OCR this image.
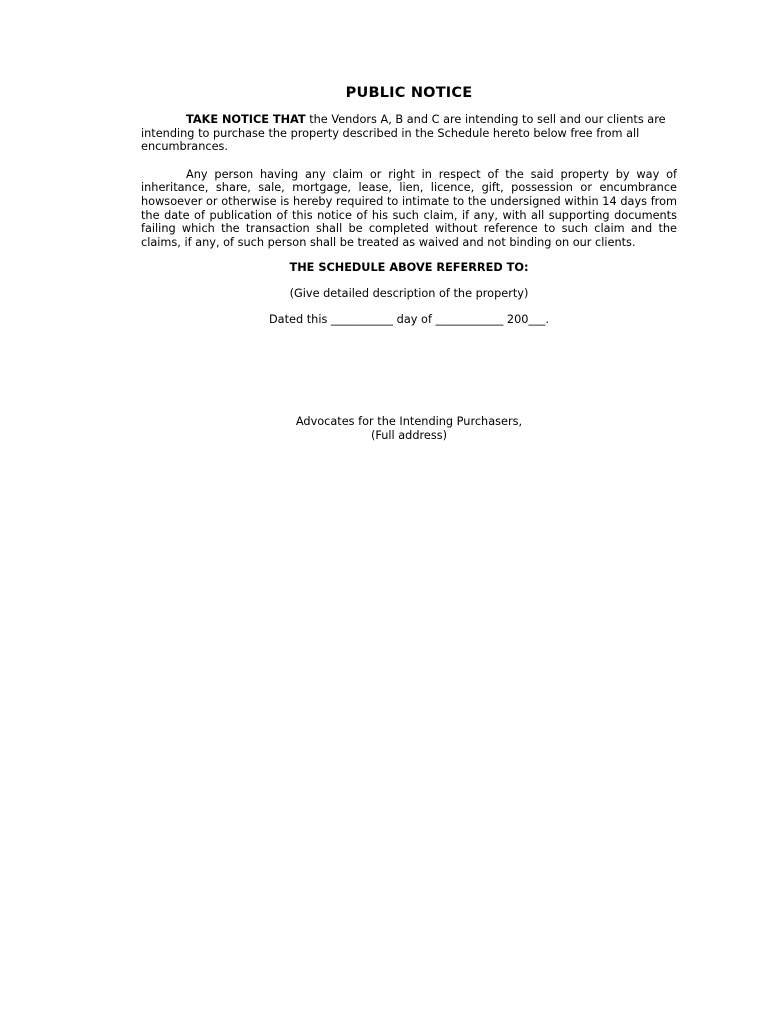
PUBLIC NOTICE

TAKE NOTICE THAT the Vendors A, B and C are intending to sell and our clients are intending to purchase the property described in the Schedule hereto below free from all encumbrances.

Any person having any claim or right in respect of the said property by way of inheritance, share, sale, mortgage, lease, lien, licence, gift, possession or encumbrance howsoever or otherwise is hereby required to intimate to the undersigned within 14 days from the date of publication of this notice of his such claim, if any, with all supporting documents failing which the transaction shall be completed without reference to such claim and the claims, if any, of such person shall be treated as waived and not binding on our clients.

THE SCHEDULE ABOVE REFERRED TO:

(Give detailed description of the property)

Dated this ___________ day of ____________ 200___.

Advocates for the Intending Purchasers,

(Full address)
